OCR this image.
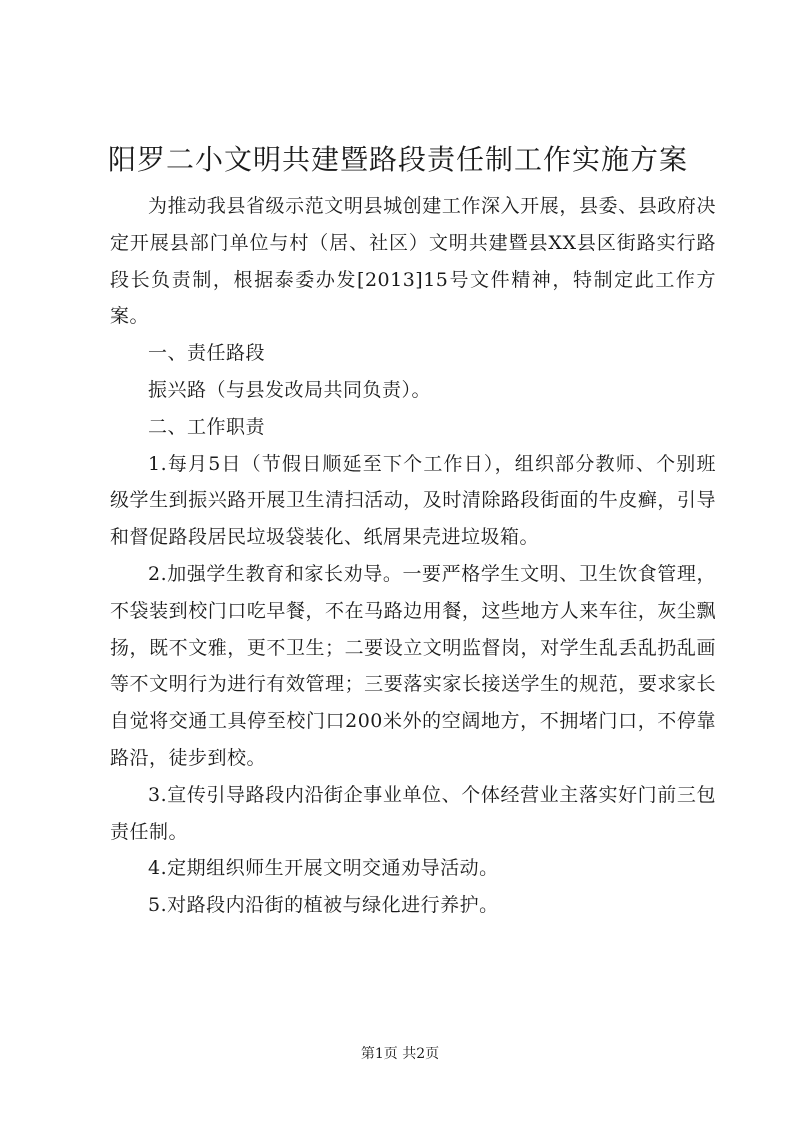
阳罗二小文明共建暨路段责任制工作实施方案

为推动我县省级示范文明县城创建工作深入开展，县委、县政府决定开展县部门单位与村（居、社区）文明共建暨县XX县区街路实行路段长负责制，根据泰委办发[2013]15号文件精神，特制定此工作方案。

一、责任路段

振兴路（与县发改局共同负责）。

二、工作职责

1.每月5日（节假日顺延至下个工作日），组织部分教师、个别班级学生到振兴路开展卫生清扫活动，及时清除路段街面的牛皮癣，引导和督促路段居民垃圾袋装化、纸屑果壳进垃圾箱。

2.加强学生教育和家长劝导。一要严格学生文明、卫生饮食管理，不袋装到校门口吃早餐，不在马路边用餐，这些地方人来车往，灰尘飘扬，既不文雅，更不卫生；二要设立文明监督岗，对学生乱丢乱扔乱画等不文明行为进行有效管理；三要落实家长接送学生的规范，要求家长自觉将交通工具停至校门口200米外的空阔地方，不拥堵门口，不停靠路沿，徒步到校。

3.宣传引导路段内沿街企事业单位、个体经营业主落实好门前三包责任制。

4.定期组织师生开展文明交通劝导活动。

5.对路段内沿街的植被与绿化进行养护。

第1页 共2页
